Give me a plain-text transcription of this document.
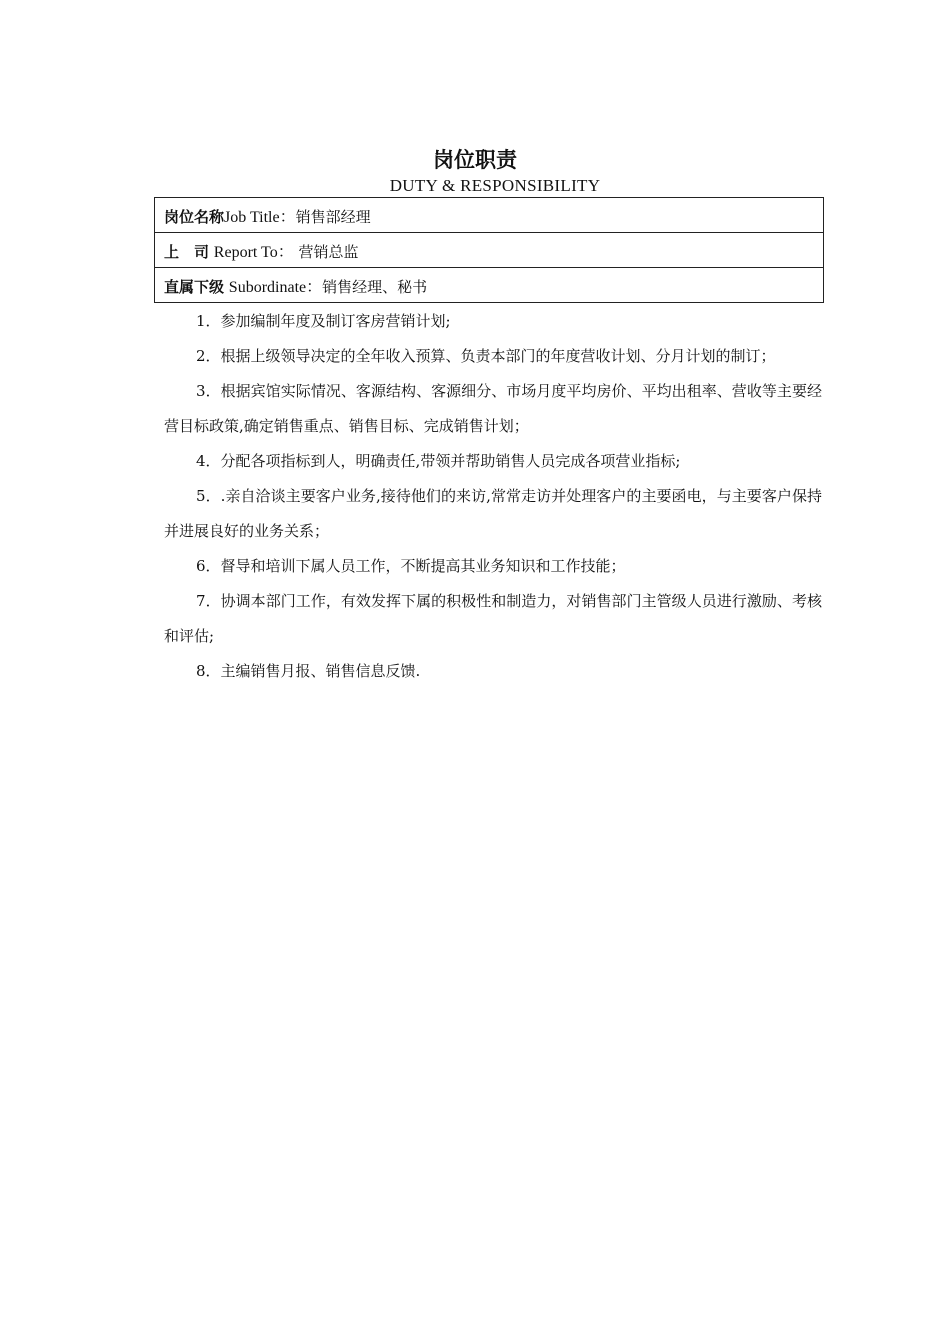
岗位职责
DUTY & RESPONSIBILITY
岗位名称Job Title：销售部经理
上　司 Report To： 营销总监
直属下级 Subordinate：销售经理、秘书

1．参加编制年度及制订客房营销计划;

2．根据上级领导决定的全年收入预算、负责本部门的年度营收计划、分月计划的制订；

3．根据宾馆实际情况、客源结构、客源细分、市场月度平均房价、平均出租率、营收等主要经营目标政策,确定销售重点、销售目标、完成销售计划；

4．分配各项指标到人，明确责任,带领并帮助销售人员完成各项营业指标;

5．.亲自洽谈主要客户业务,接待他们的来访,常常走访并处理客户的主要函电，与主要客户保持并进展良好的业务关系；

6．督导和培训下属人员工作，不断提高其业务知识和工作技能；

7．协调本部门工作，有效发挥下属的积极性和制造力，对销售部门主管级人员进行激励、考核和评估;

8．主编销售月报、销售信息反馈.
